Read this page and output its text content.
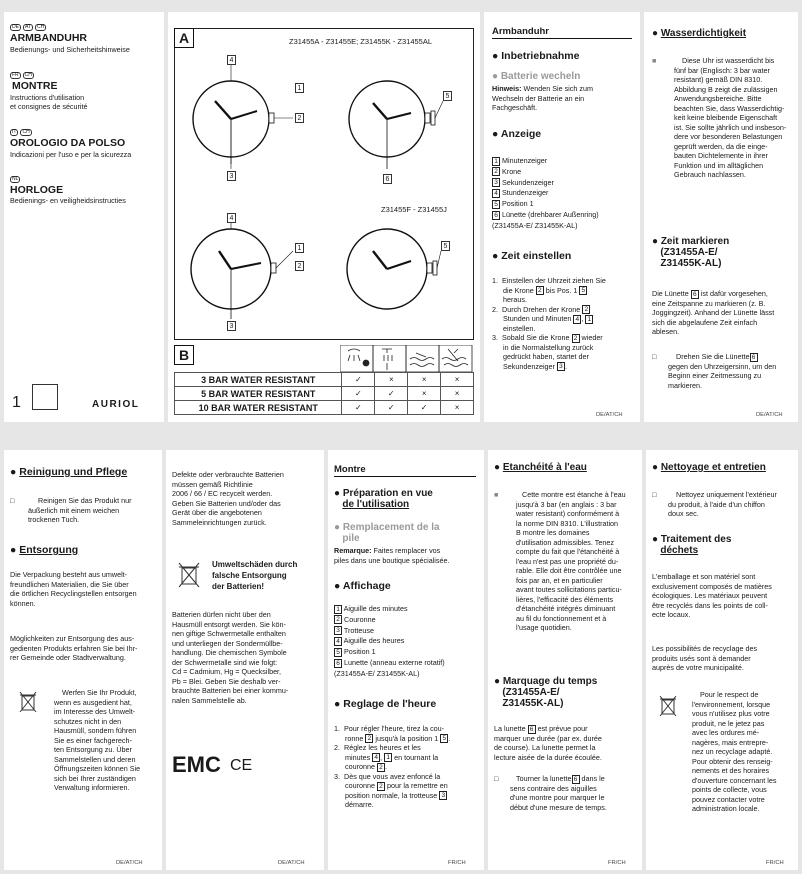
DE AT CH
ARMBANDUHR
Bedienungs- und Sicherheitshinweise
FR CH
MONTRE
Instructions d'utilisation
et consignes de sécurité
IT CH
OROLOGIO DA POLSO
Indicazioni per l'uso e per la sicurezza
NL
HORLOGE
Bedienings- en veiligheidsinstructies
1	AURIOL
A	Z31455A - Z31455E; Z31455K - Z31455AL
Z31455F - Z31455J
4
1
2
3
5
6
4
1
2
3
5
B
3 BAR WATER RESISTANT	✓	×	×	×
5 BAR WATER RESISTANT	✓	✓	×	×
10 BAR WATER RESISTANT	✓	✓	✓	×
Armbanduhr
● Inbetriebnahme
● Batterie wecheln
Hinweis: Wenden Sie sich zum
Wechseln der Batterie an ein
Fachgeschäft.
● Anzeige
1 Minutenzeiger
2 Krone
3 Sekundenzeiger
4 Stundenzeiger
5 Position 1
6 Lünette (drehbarer Außenring)
(Z31455A-E/ Z31455K-AL)
● Zeit einstellen
1.  Einstellen der Uhrzeit ziehen Sie
die Krone 2 bis Pos. 1 5
heraus.
2.  Durch Drehen der Krone 2
Stunden und Minuten 4 , 1
einstellen.
3.  Sobald Sie die Krone 2 wieder
in die Normalstellung zurück
gedrückt haben, startet der
Sekundenzeiger 3 .
DE/AT/CH
● Wasserdichtigkeit
■	Diese Uhr ist wasserdicht bis
fünf bar (Englisch: 3 bar water
resistant) gemäß DIN 8310.
Abbildung B zeigt die zulässigen
Anwendungsbereiche. Bitte
beachten Sie, dass Wasserdichtig-
keit keine bleibende Eigenschaft
ist. Sie sollte jährlich und insbeson-
dere vor besonderen Belastungen
geprüft werden, da die einge-
bauten Dichtelemente in ihrer
Funktion und im alltäglichen
Gebrauch nachlassen.
● Zeit markieren
(Z31455A-E/
Z31455K-AL)
Die Lünette 6 ist dafür vorgesehen,
eine Zeitspanne zu markieren (z. B.
Joggingzeit). Anhand der Lünette lässt
sich die abgelaufene Zeit einfach
ablesen.
□	Drehen Sie die Lünette 6
gegen den Uhrzeigersinn, um den
Beginn einer Zeitmessung zu
markieren.
DE/AT/CH
● Reinigung und Pflege
□	Reinigen Sie das Produkt nur
äußerlich mit einem weichen
trockenen Tuch.
● Entsorgung
Die Verpackung besteht aus umwelt-
freundlichen Materialien, die Sie über
die örtlichen Recyclingstellen entsorgen
können.
Möglichkeiten zur Entsorgung des aus-
gedienten Produkts erfahren Sie bei Ihr-
rer Gemeinde oder Stadtverwaltung.
Werfen Sie Ihr Produkt,
wenn es ausgedient hat,
im Interesse des Umwelt-
schutzes nicht in den
Hausmüll, sondern führen
Sie es einer fachgerech-
ten Entsorgung zu. Über
Sammelstellen und deren
Öffnungszeiten können Sie
sich bei Ihrer zuständigen
Verwaltung informieren.
DE/AT/CH
Defekte oder verbrauchte Batterien
müssen gemäß Richtlinie
2006 / 66 / EC recycelt werden.
Geben Sie Batterien und/oder das
Gerät über die angebotenen
Sammeleinrichtungen zurück.
Umweltschäden durch
falsche Entsorgung
der Batterien!
Batterien dürfen nicht über den
Hausmüll entsorgt werden. Sie kön-
nen giftige Schwermetalle enthalten
und unterliegen der Sondermüllbe-
handlung. Die chemischen Symbole
der Schwermetalle sind wie folgt:
Cd = Cadmium, Hg = Quecksilber,
Pb = Blei. Geben Sie deshalb ver-
brauchte Batterien bei einer kommu-
nalen Sammelstelle ab.
EMC CE
DE/AT/CH
Montre
● Préparation en vue
de l'utilisation
● Remplacement de la
pile
Remarque: Faites remplacer vos
piles dans une boutique spécialisée.
● Affichage
1 Aiguille des minutes
2 Couronne
3 Trotteuse
4 Aiguille des heures
5 Position 1
6 Lunette (anneau externe rotatif)
(Z31455A-E/ Z31455K-AL)
● Reglage de l'heure
1.  Pour régler l'heure, tirez la cou-
ronne 2 jusqu'à la position 1 5 .
2.  Réglez les heures et les
minutes 4 , 1 en tournant la
couronne 2 .
3.  Dès que vous avez enfoncé la
couronne 2 pour la remettre en
position normale, la trotteuse 3
démarre.
FR/CH
● Etanchéité à l'eau
■	Cette montre est étanche à l'eau
jusqu'à 3 bar (en anglais : 3 bar
water resistant) conformément à
la norme DIN 8310. L'illustration
B montre les domaines
d'utilisation admissibles. Tenez
compte du fait que l'étanchéité à
l'eau n'est pas une propriété du-
rable. Elle doit être contrôlée une
fois par an, et en particulier
avant toutes sollicitations particu-
lières, l'efficacité des éléments
d'étanchéité intégrés diminuant
au fil du fonctionnement et à
l'usage quotidien.
● Marquage du temps
(Z31455A-E/
Z31455K-AL)
La lunette 6 est prévue pour
marquer une durée (par ex. durée
de course). La lunette permet la
lecture aisée de la durée écoulée.
□	Tourner la lunette 6 dans le
sens contraire des aiguilles
d'une montre pour marquer le
début d'une mesure de temps.
FR/CH
● Nettoyage et entretien
□	Nettoyez uniquement l'extérieur
du produit, à l'aide d'un chiffon
doux sec.
● Traitement des
déchets
L'emballage et son matériel sont
exclusivement composés de matières
écologiques. Les matériaux peuvent
être recyclés dans les points de coll-
ecte locaux.
Les possibilités de recyclage des
produits usés sont à demander
auprès de votre municipalité.
Pour le respect de
l'environnement, lorsque
vous n'utilisez plus votre
produit, ne le jetez pas
avec les ordures mé-
nagères, mais entrepre-
nez un recyclage adapté.
Pour obtenir des renseig-
nements et des horaires
d'ouverture concernant les
points de collecte, vous
pouvez contacter votre
administration locale.
FR/CH
